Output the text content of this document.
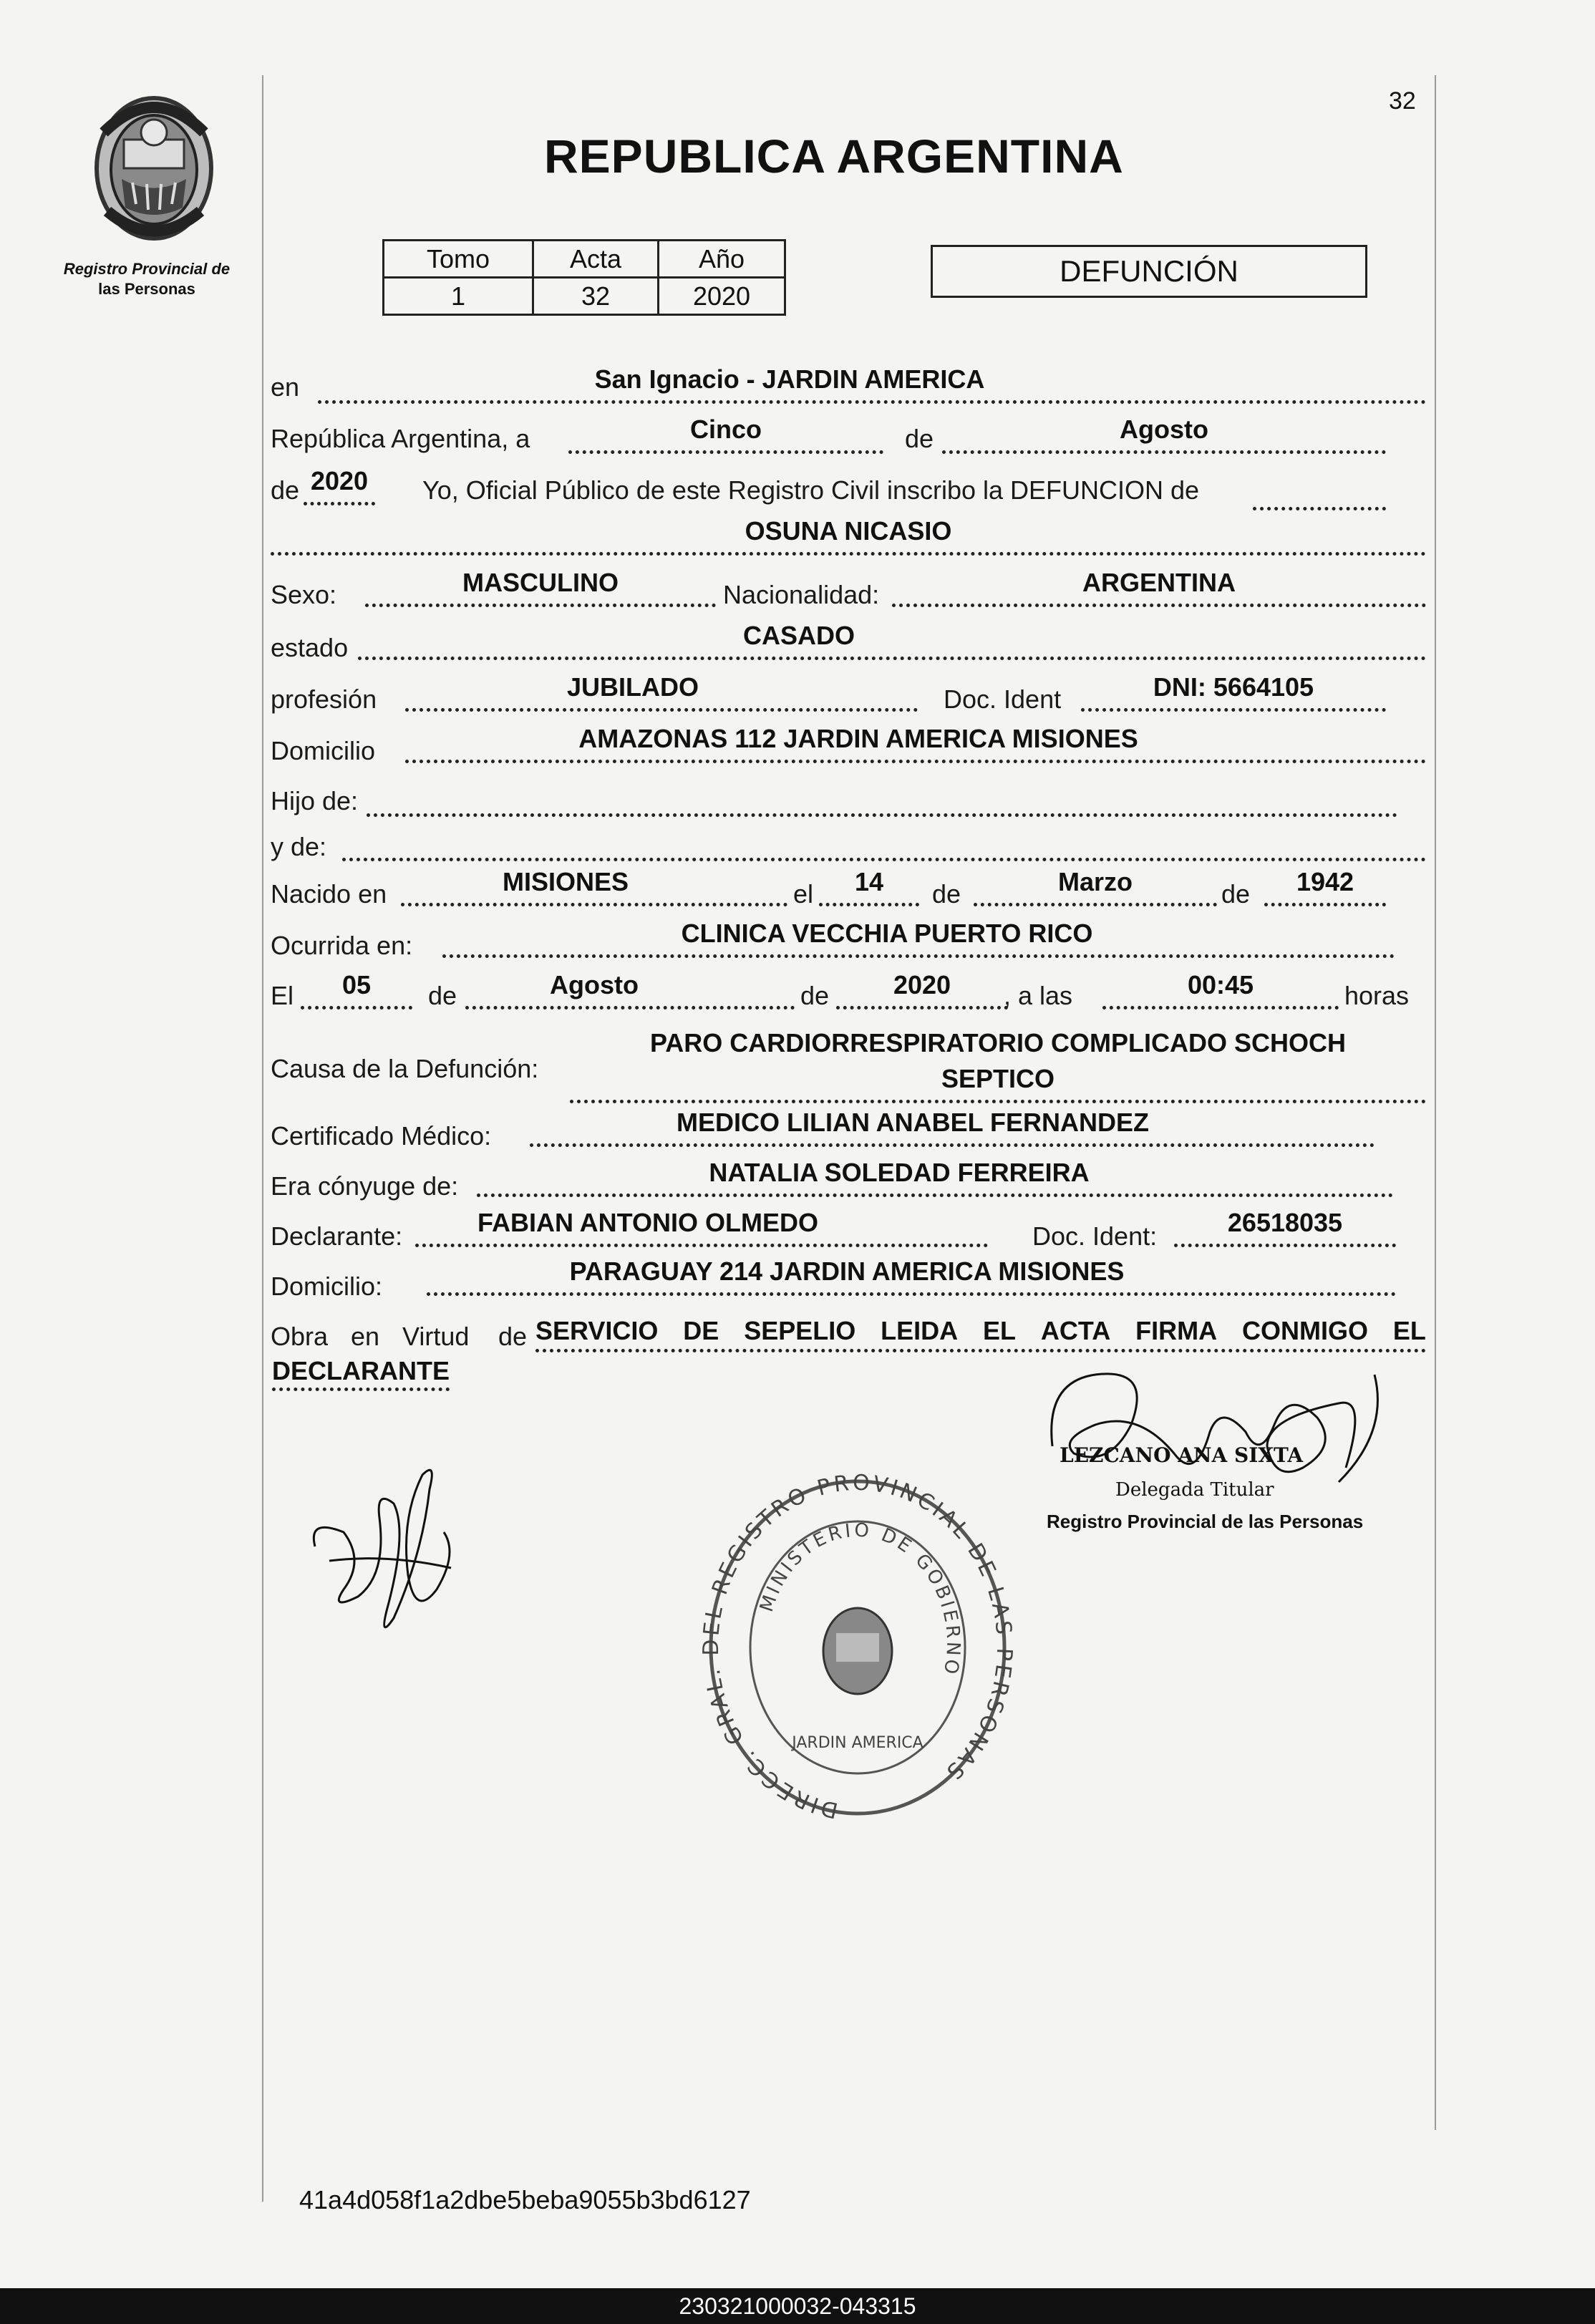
32
Registro Provincial de
las Personas
REPUBLICA ARGENTINA
Tomo	Acta	Año
1	32	2020
DEFUNCIÓN
en	San Ignacio - JARDIN AMERICA
República Argentina, a	Cinco	de	Agosto
de 2020 Yo, Oficial Público de este Registro Civil inscribo la DEFUNCION de
OSUNA NICASIO
Sexo:	MASCULINO	Nacionalidad:	ARGENTINA
estado	CASADO
profesión	JUBILADO	Doc. Ident	DNI: 5664105
Domicilio	AMAZONAS 112 JARDIN AMERICA MISIONES
Hijo de:
y de:
Nacido en	MISIONES	el	14	de	Marzo	de	1942
Ocurrida en:	CLINICA VECCHIA PUERTO RICO
El	05	de	Agosto	de	2020	, a las	00:45	horas
Causa de la Defunción:
PARO CARDIORRESPIRATORIO COMPLICADO SCHOCH
SEPTICO
Certificado Médico:	MEDICO LILIAN ANABEL FERNANDEZ
Era cónyuge de:	NATALIA SOLEDAD FERREIRA
Declarante:	FABIAN ANTONIO OLMEDO	Doc. Ident:	26518035
Domicilio:
PARAGUAY 214 JARDIN AMERICA MISIONES
Obra en Virtud de SERVICIO DE SEPELIO LEIDA EL ACTA FIRMA CONMIGO EL
DECLARANTE
LEZCANO ANA SIXTA
Delegada Titular
Registro Provincial de las Personas
DIRECC. GRAL. DEL REGISTRO PROVINCIAL DE LAS PERSONAS
MINISTERIO DE GOBIERNO
JARDIN AMERICA
41a4d058f1a2dbe5beba9055b3bd6127
230321000032-043315
